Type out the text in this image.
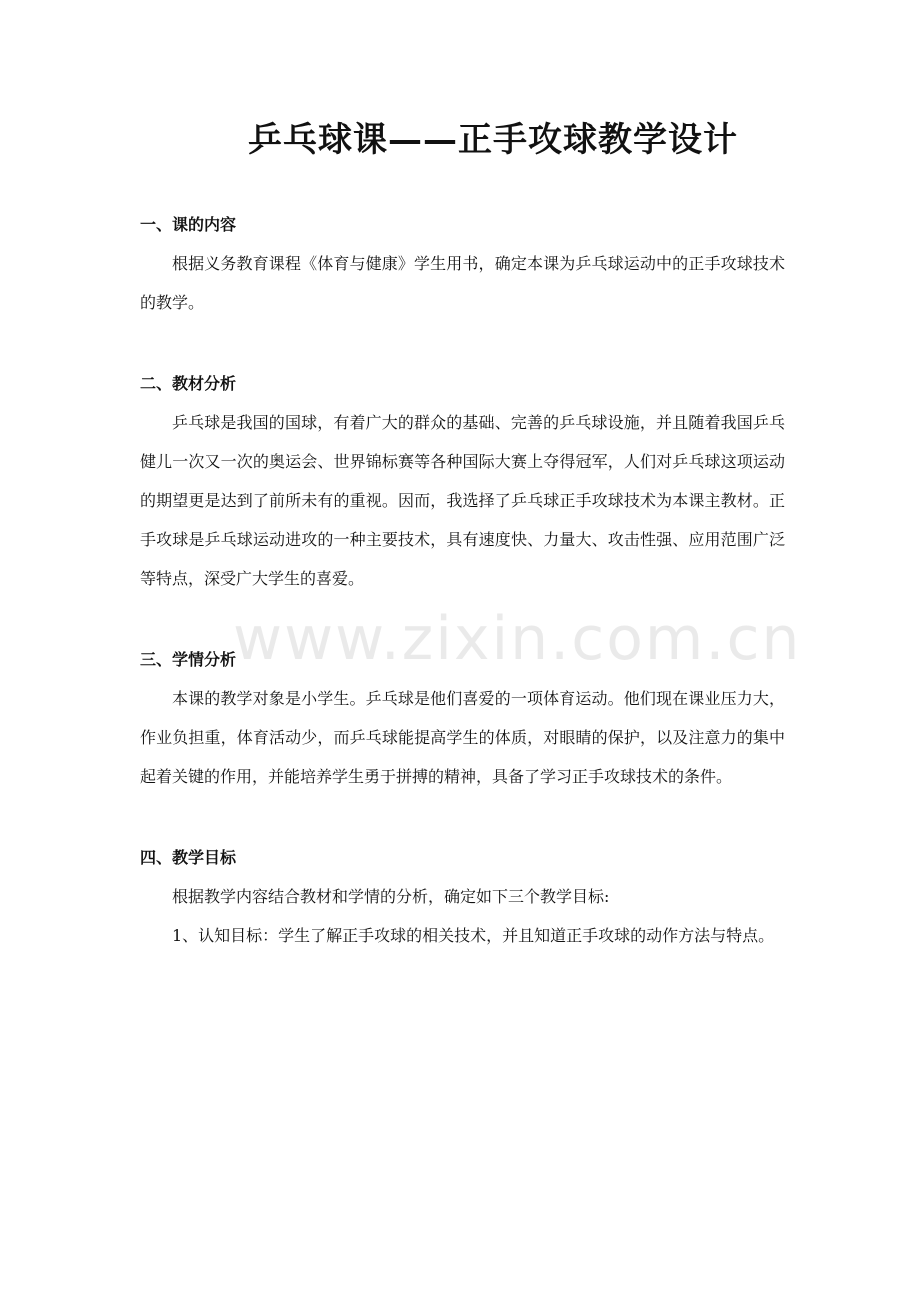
乒乓球课——正手攻球教学设计

一、课的内容

根据义务教育课程《体育与健康》学生用书，确定本课为乒乓球运动中的正手攻球技术的教学。

二、教材分析

乒乓球是我国的国球，有着广大的群众的基础、完善的乒乓球设施，并且随着我国乒乓健儿一次又一次的奥运会、世界锦标赛等各种国际大赛上夺得冠军，人们对乒乓球这项运动的期望更是达到了前所未有的重视。因而，我选择了乒乓球正手攻球技术为本课主教材。正手攻球是乒乓球运动进攻的一种主要技术，具有速度快、力量大、攻击性强、应用范围广泛等特点，深受广大学生的喜爱。

三、学情分析

本课的教学对象是小学生。乒乓球是他们喜爱的一项体育运动。他们现在课业压力大，作业负担重，体育活动少，而乒乓球能提高学生的体质，对眼睛的保护，以及注意力的集中起着关键的作用，并能培养学生勇于拼搏的精神，具备了学习正手攻球技术的条件。

四、教学目标

根据教学内容结合教材和学情的分析，确定如下三个教学目标:

1、认知目标：学生了解正手攻球的相关技术，并且知道正手攻球的动作方法与特点。

www.zixin.com.cn
